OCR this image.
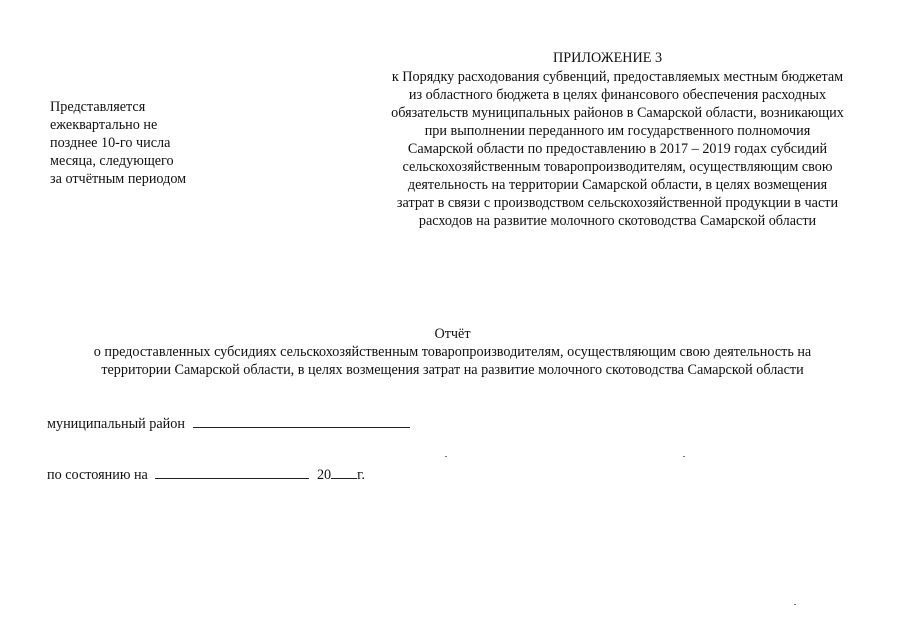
Представляется
ежеквартально не
позднее 10-го числа
месяца, следующего
за отчётным периодом
ПРИЛОЖЕНИЕ 3
к Порядку расходования субвенций, предоставляемых местным бюджетам
из областного бюджета в целях финансового обеспечения расходных
обязательств муниципальных районов в Самарской области, возникающих
при выполнении переданного им государственного полномочия
Самарской области по предоставлению в 2017 – 2019 годах субсидий
сельскохозяйственным товаропроизводителям, осуществляющим свою
деятельность на территории Самарской области, в целях возмещения
затрат в связи с производством сельскохозяйственной продукции в части
расходов на развитие молочного скотоводства Самарской области
Отчёт
о предоставленных субсидиях сельскохозяйственным товаропроизводителям, осуществляющим свою деятельность на
территории Самарской области, в целях возмещения затрат на развитие молочного скотоводства Самарской области
муниципальный район
по состоянию на	20 г.
